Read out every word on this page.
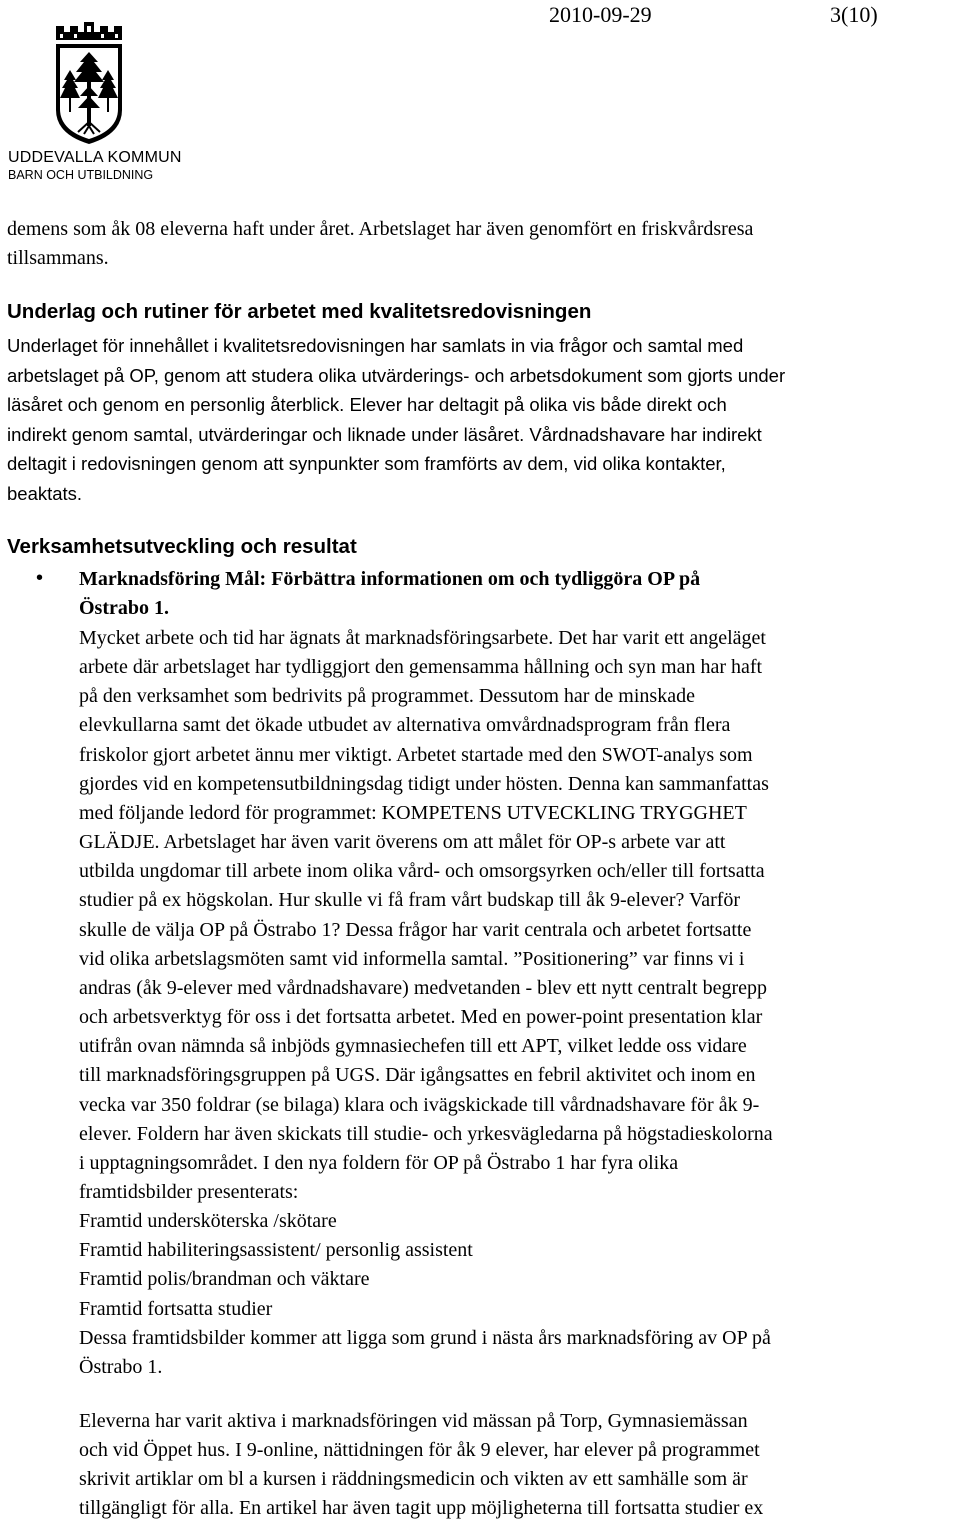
UDDEVALLA KOMMUN
BARN OCH UTBILDNING
2010-09-29	3(10)
demens som åk 08 eleverna haft under året. Arbetslaget har även genomfört en friskvårdsresa
tillsammans.
Underlag och rutiner för arbetet med kvalitetsredovisningen
Underlaget för innehållet i kvalitetsredovisningen har samlats in via frågor och samtal med
arbetslaget på OP, genom att studera olika utvärderings- och arbetsdokument som gjorts under
läsåret och genom en personlig återblick. Elever har deltagit på olika vis både direkt och
indirekt genom samtal, utvärderingar och liknade under läsåret. Vårdnadshavare har indirekt
deltagit i redovisningen genom att synpunkter som framförts av dem, vid olika kontakter,
beaktats.
Verksamhetsutveckling och resultat
• Marknadsföring Mål: Förbättra informationen om och tydliggöra OP på
Östrabo 1.
Mycket arbete och tid har ägnats åt marknadsföringsarbete. Det har varit ett angeläget
arbete där arbetslaget har tydliggjort den gemensamma hållning och syn man har haft
på den verksamhet som bedrivits på programmet. Dessutom har de minskade
elevkullarna samt det ökade utbudet av alternativa omvårdnadsprogram från flera
friskolor gjort arbetet ännu mer viktigt. Arbetet startade med den SWOT-analys som
gjordes vid en kompetensutbildningsdag tidigt under hösten. Denna kan sammanfattas
med följande ledord för programmet: KOMPETENS UTVECKLING TRYGGHET
GLÄDJE. Arbetslaget har även varit överens om att målet för OP-s arbete var att
utbilda ungdomar till arbete inom olika vård- och omsorgsyrken och/eller till fortsatta
studier på ex högskolan. Hur skulle vi få fram vårt budskap till åk 9-elever? Varför
skulle de välja OP på Östrabo 1? Dessa frågor har varit centrala och arbetet fortsatte
vid olika arbetslagsmöten samt vid informella samtal. ”Positionering” var finns vi i
andras (åk 9-elever med vårdnadshavare) medvetanden - blev ett nytt centralt begrepp
och arbetsverktyg för oss i det fortsatta arbetet. Med en power-point presentation klar
utifrån ovan nämnda så inbjöds gymnasiechefen till ett APT, vilket ledde oss vidare
till marknadsföringsgruppen på UGS. Där igångsattes en febril aktivitet och inom en
vecka var 350 foldrar (se bilaga) klara och ivägskickade till vårdnadshavare för åk 9-
elever. Foldern har även skickats till studie- och yrkesvägledarna på högstadieskolorna
i upptagningsområdet. I den nya foldern för OP på Östrabo 1 har fyra olika
framtidsbilder presenterats:
Framtid undersköterska /skötare
Framtid habiliteringsassistent/ personlig assistent
Framtid polis/brandman och väktare
Framtid fortsatta studier
Dessa framtidsbilder kommer att ligga som grund i nästa års marknadsföring av OP på
Östrabo 1.
Eleverna har varit aktiva i marknadsföringen vid mässan på Torp, Gymnasiemässan
och vid Öppet hus. I 9-online, nättidningen för åk 9 elever, har elever på programmet
skrivit artiklar om bl a kursen i räddningsmedicin och vikten av ett samhälle som är
tillgängligt för alla. En artikel har även tagit upp möjligheterna till fortsatta studier ex
